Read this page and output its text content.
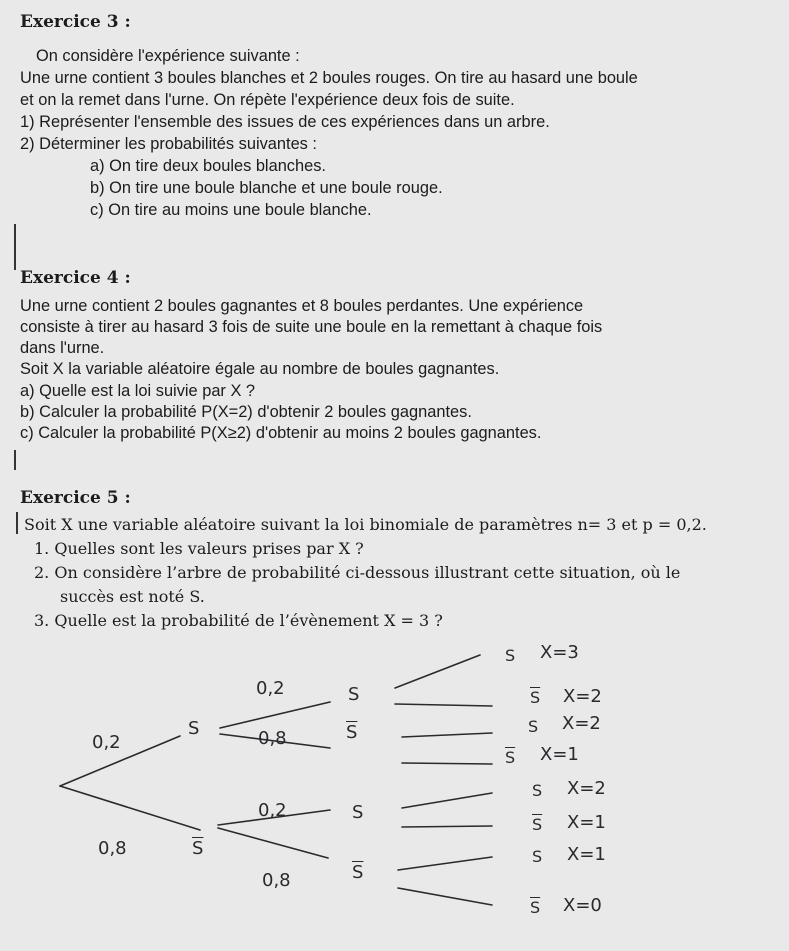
Exercice 3 :
On considère l'expérience suivante :
Une urne contient 3 boules blanches et 2 boules rouges. On tire au hasard une boule
et on la remet dans l'urne. On répète l'expérience deux fois de suite.
1) Représenter l'ensemble des issues de ces expériences dans un arbre.
2) Déterminer les probabilités suivantes :
a) On tire deux boules blanches.
b) On tire une boule blanche et une boule rouge.
c) On tire au moins une boule blanche.
Exercice 4 :
Une urne contient 2 boules gagnantes et 8 boules perdantes. Une expérience
consiste à tirer au hasard 3 fois de suite une boule en la remettant à chaque fois
dans l'urne.
Soit X la variable aléatoire égale au nombre de boules gagnantes.
a) Quelle est la loi suivie par X ?
b) Calculer la probabilité P(X=2) d'obtenir 2 boules gagnantes.
c) Calculer la probabilité P(X≥2) d'obtenir au moins 2 boules gagnantes.
Exercice 5 :
Soit X une variable aléatoire suivant la loi binomiale de paramètres n= 3 et p = 0,2.
1. Quelles sont les valeurs prises par X ?
2. On considère l’arbre de probabilité ci-dessous illustrant cette situation, où le
succès est noté S.
3. Quelle est la probabilité de l’évènement X = 3 ?
0,2
S
0,8	$\overline{S}$
0,2	S
0,8	$\overline{S}$
0,2	S
0,8	$\overline{S}$
S X=3
$\overline{S}$ X=2
S X=2
$\overline{S}$ X=1
S X=2
$\overline{S}$ X=1
S X=1
$\overline{S}$ X=0
